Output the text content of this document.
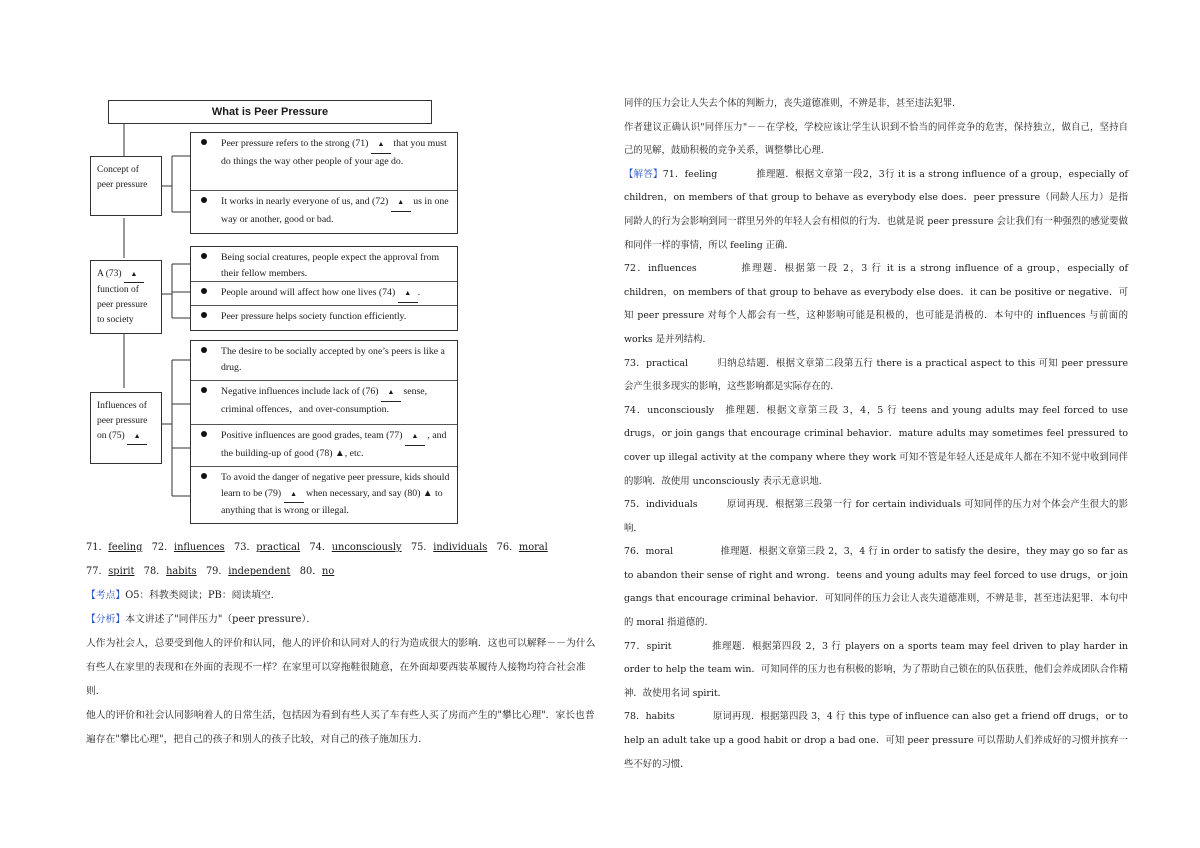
What is Peer Pressure
Concept of peer pressure
Peer pressure refers to the strong (71) ▲ that you must do things the way other people of your age do.
It works in nearly everyone of us, and (72) ▲ us in one way or another, good or bad.
A (73) ▲
function of peer pressure to society
Being social creatures, people expect the approval from their fellow members.
People around will affect how one lives (74) ▲ .
Peer pressure helps society function efficiently.
Influences of peer pressure on (75) ▲
The desire to be socially accepted by one’s peers is like a drug.
Negative influences include lack of (76) ▲ sense, criminal offences，and over-consumption.
Positive influences are good grades, team (77) ▲ , and the building-up of good (78) ▲, etc.
To avoid the danger of negative peer pressure, kids should learn to be (79) ▲ when necessary, and say (80) ▲ to anything that is wrong or illegal.

71．feeling 72．influences 73．practical 74．unconsciously 75．individuals 76．moral

77．spirit 78．habits 79．independent 80．no

【考点】O5：科教类阅读；PB：阅读填空．

【分析】本文讲述了"同伴压力"（peer pressure）．

人作为社会人，总要受到他人的评价和认同，他人的评价和认同对人的行为造成很大的影响．这也可以解释－－为什么有些人在家里的表现和在外面的表现不一样？在家里可以穿拖鞋很随意，在外面却要西装革履待人接物均符合社会准则．

他人的评价和社会认同影响着人的日常生活，包括因为看到有些人买了车有些人买了房而产生的"攀比心理"．家长也普遍存在"攀比心理"，把自己的孩子和别人的孩子比较，对自己的孩子施加压力．

同伴的压力会让人失去个体的判断力，丧失道德准则，不辨是非，甚至违法犯罪．

作者建议正确认识"同伴压力"－－在学校，学校应该让学生认识到不恰当的同伴竞争的危害，保持独立，做自己，坚持自己的见解，鼓励积极的竞争关系，调整攀比心理．

【解答】71．feeling　　　　推理题．根据文章第一段2，3行 it is a strong influence of a group，especially of children，on members of that group to behave as everybody else does．peer pressure（同龄人压力）是指同龄人的行为会影响到同一群里另外的年轻人会有相似的行为．也就是说 peer pressure 会让我们有一种强烈的感觉要做和同伴一样的事情，所以 feeling 正确．

72．influences　　　　推理题．根据第一段 2，3 行 it is a strong influence of a group，especially of children，on members of that group to behave as everybody else does．it can be positive or negative．可知 peer pressure 对每个人都会有一些，这种影响可能是积极的，也可能是消极的．本句中的 influences 与前面的 works 是并列结构．

73．practical　　　归纳总结题．根据文章第二段第五行 there is a practical aspect to this 可知 peer pressure 会产生很多现实的影响，这些影响都是实际存在的．

74．unconsciously　推理题．根据文章第三段 3，4，5 行 teens and young adults may feel forced to use drugs，or join gangs that encourage criminal behavior．mature adults may sometimes feel pressured to cover up illegal activity at the company where they work 可知不管是年轻人还是成年人都在不知不觉中收到同伴的影响．故使用 unconsciously 表示无意识地．

75．individuals　　　原词再现．根据第三段第一行 for certain individuals 可知同伴的压力对个体会产生很大的影响．

76．moral　　　　　推理题．根据文章第三段 2，3，4 行 in order to satisfy the desire，they may go so far as to abandon their sense of right and wrong．teens and young adults may feel forced to use drugs，or join gangs that encourage criminal behavior．可知同伴的压力会让人丧失道德准则，不辨是非，甚至违法犯罪．本句中的 moral 指道德的．

77．spirit　　　　推理题．根据第四段 2，3 行 players on a sports team may feel driven to play harder in order to help the team win．可知同伴的压力也有积极的影响，为了帮助自己锁在的队伍获胜，他们会养成团队合作精神．故使用名词 spirit．

78．habits　　　　原词再现．根据第四段 3，4 行 this type of influence can also get a friend off drugs，or to help an adult take up a good habit or drop a bad one．可知 peer pressure 可以帮助人们养成好的习惯并摈弃一些不好的习惯．
